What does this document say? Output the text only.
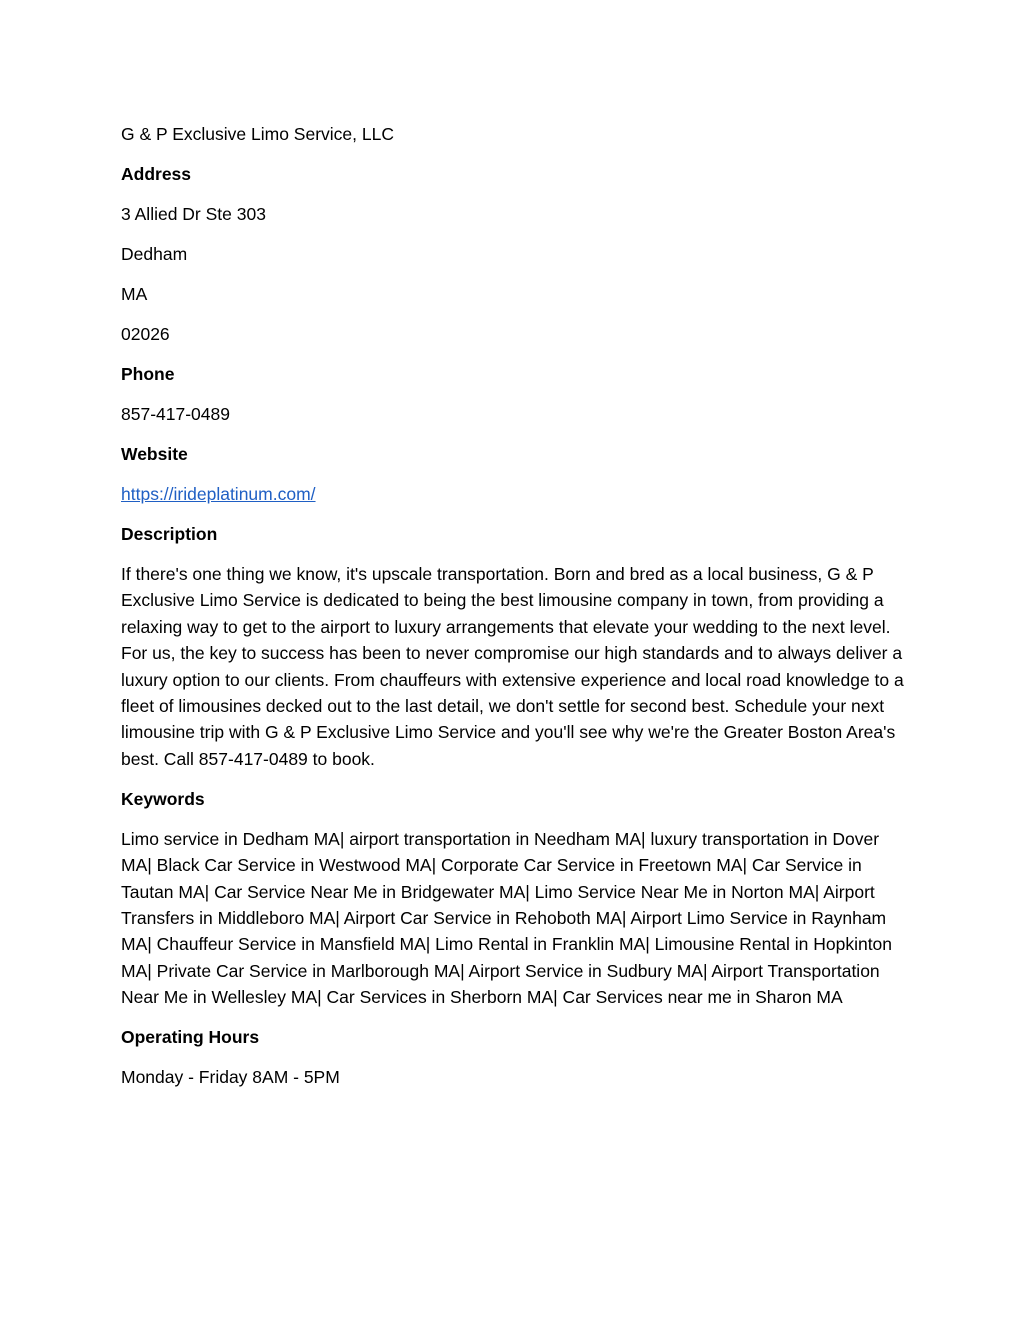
G & P Exclusive Limo Service, LLC

Address

3 Allied Dr Ste 303

Dedham

MA

02026

Phone

857-417-0489

Website

https://irideplatinum.com/

Description

If there's one thing we know, it's upscale transportation. Born and bred as a local business, G & P Exclusive Limo Service is dedicated to being the best limousine company in town, from providing a relaxing way to get to the airport to luxury arrangements that elevate your wedding to the next level. For us, the key to success has been to never compromise our high standards and to always deliver a luxury option to our clients. From chauffeurs with extensive experience and local road knowledge to a fleet of limousines decked out to the last detail, we don't settle for second best. Schedule your next limousine trip with G & P Exclusive Limo Service and you'll see why we're the Greater Boston Area's best. Call 857-417-0489 to book.

Keywords

Limo service in Dedham MA| airport transportation in Needham MA| luxury transportation in Dover MA| Black Car Service in Westwood MA| Corporate Car Service in Freetown MA| Car Service in Tautan MA| Car Service Near Me in Bridgewater MA| Limo Service Near Me in Norton MA| Airport Transfers in Middleboro MA| Airport Car Service in Rehoboth MA| Airport Limo Service in Raynham MA| Chauffeur Service in Mansfield MA| Limo Rental in Franklin MA| Limousine Rental in Hopkinton MA| Private Car Service in Marlborough MA| Airport Service in Sudbury MA| Airport Transportation Near Me in Wellesley MA| Car Services in Sherborn MA| Car Services near me in Sharon MA

Operating Hours

Monday - Friday 8AM - 5PM
